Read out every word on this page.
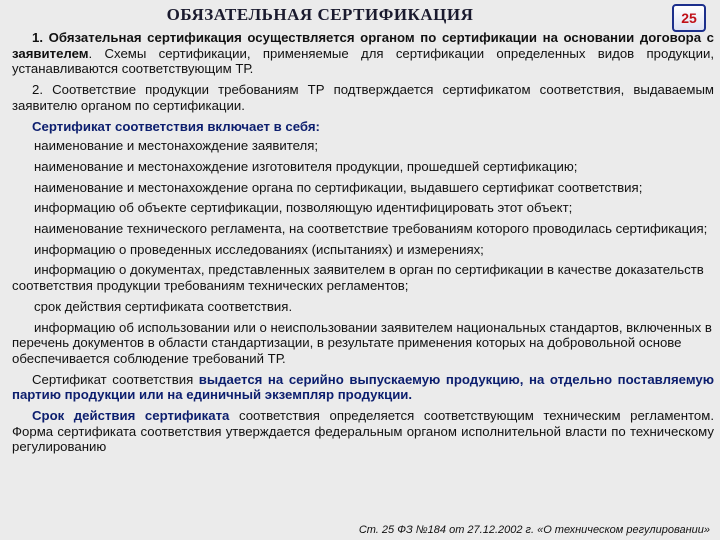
ОБЯЗАТЕЛЬНАЯ СЕРТИФИКАЦИЯ	25

1. Обязательная сертификация осуществляется органом по сертификации на основании договора с заявителем. Схемы сертификации, применяемые для сертификации определенных видов продукции, устанавливаются соответствующим ТР.

2. Соответствие продукции требованиям ТР подтверждается сертификатом соответствия, выдаваемым заявителю органом по сертификации.

Сертификат соответствия включает в себя:

наименование и местонахождение заявителя;

наименование и местонахождение изготовителя продукции, прошедшей сертификацию;

наименование и местонахождение органа по сертификации, выдавшего сертификат соответствия;

информацию об объекте сертификации, позволяющую идентифицировать этот объект;

наименование технического регламента, на соответствие требованиям которого проводилась сертификация;

информацию о проведенных исследованиях (испытаниях) и измерениях;

информацию о документах, представленных заявителем в орган по сертификации в качестве доказательств соответствия продукции требованиям технических регламентов;

срок действия сертификата соответствия.

информацию об использовании или о неиспользовании заявителем национальных стандартов, включенных в перечень документов в области стандартизации, в результате применения которых на добровольной основе обеспечивается соблюдение требований ТР.

Сертификат соответствия выдается на серийно выпускаемую продукцию, на отдельно поставляемую партию продукции или на единичный экземпляр продукции.

Срок действия сертификата соответствия определяется соответствующим техническим регламентом. Форма сертификата соответствия утверждается федеральным органом исполнительной власти по техническому регулированию

Ст. 25 ФЗ №184 от 27.12.2002 г. «О техническом регулировании»
